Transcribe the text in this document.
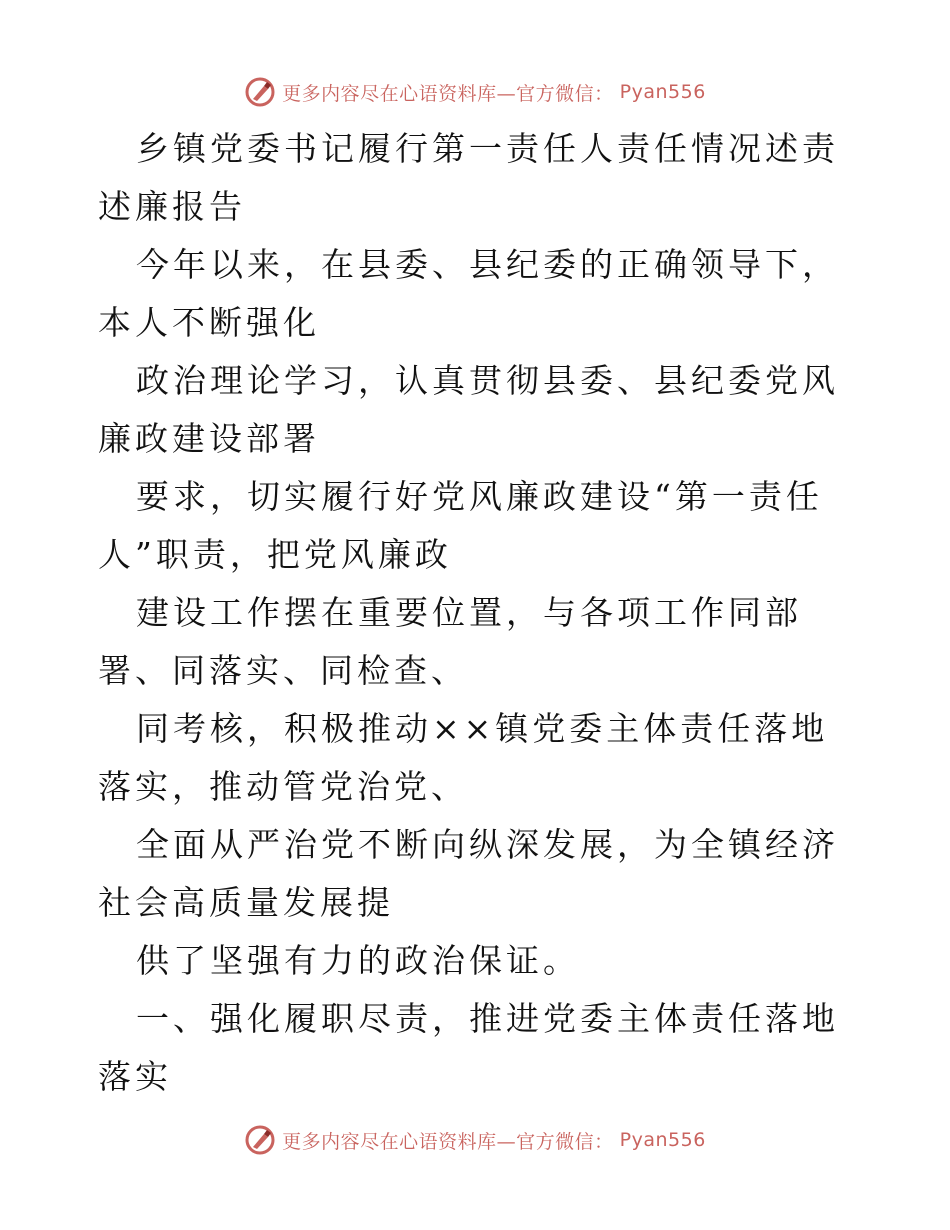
更多内容尽在心语资料库—官方微信： Pyan556

乡镇党委书记履行第一责任人责任情况述责述廉报告

今年以来，在县委、县纪委的正确领导下，本人不断强化

政治理论学习，认真贯彻县委、县纪委党风廉政建设部署

要求，切实履行好党风廉政建设“第一责任人”职责，把党风廉政

建设工作摆在重要位置，与各项工作同部署、同落实、同检查、

同考核，积极推动××镇党委主体责任落地落实，推动管党治党、

全面从严治党不断向纵深发展，为全镇经济社会高质量发展提

供了坚强有力的政治保证。

一、强化履职尽责，推进党委主体责任落地落实

更多内容尽在心语资料库—官方微信： Pyan556
